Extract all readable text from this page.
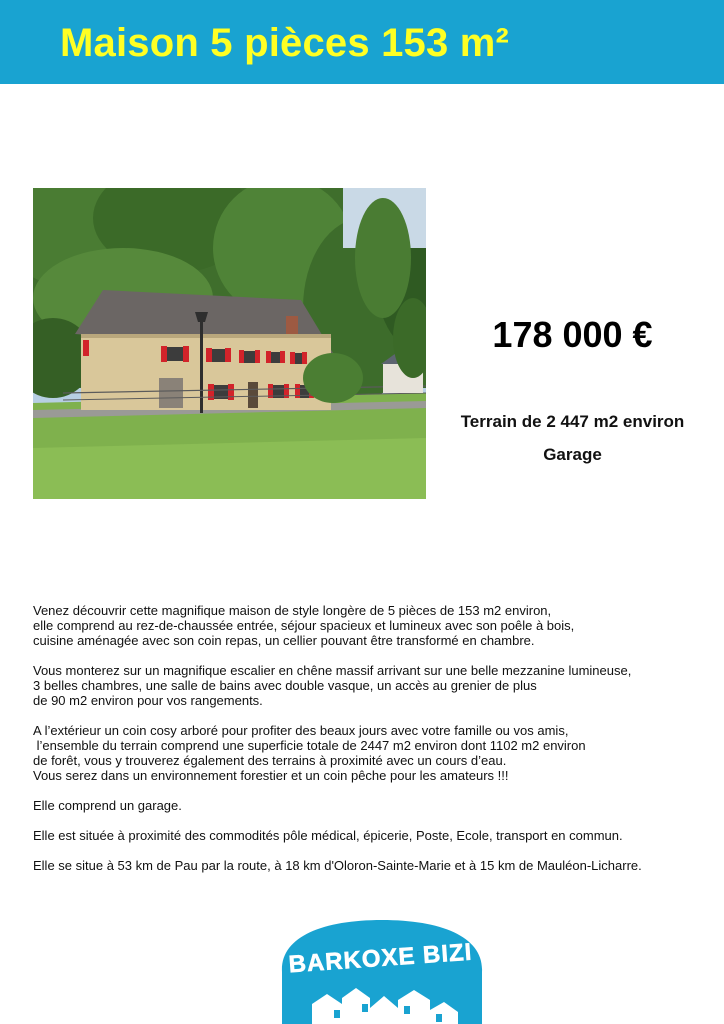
Maison 5 pièces 153 m²
178 000 €
Terrain de 2 447 m2 environ
Garage

Venez découvrir cette magnifique maison de style longère de 5 pièces de 153 m2 environ,
elle comprend au rez-de-chaussée entrée, séjour spacieux et lumineux avec son poêle à bois,
cuisine aménagée avec son coin repas, un cellier pouvant être transformé en chambre.

Vous monterez sur un magnifique escalier en chêne massif arrivant sur une belle mezzanine lumineuse,
3 belles chambres, une salle de bains avec double vasque, un accès au grenier de plus
de 90 m2 environ pour vos rangements.

A l’extérieur un coin cosy arboré pour profiter des beaux jours avec votre famille ou vos amis,
l’ensemble du terrain comprend une superficie totale de 2447 m2 environ dont 1102 m2 environ
de forêt, vous y trouverez également des terrains à proximité avec un cours d’eau.
Vous serez dans un environnement forestier et un coin pêche pour les amateurs !!!

Elle comprend un garage.

Elle est située à proximité des commodités pôle médical, épicerie, Poste, Ecole, transport en commun.

Elle se situe à 53 km de Pau par la route, à 18 km d'Oloron-Sainte-Marie et à 15 km de Mauléon-Licharre.

BARKOXE BIZI
